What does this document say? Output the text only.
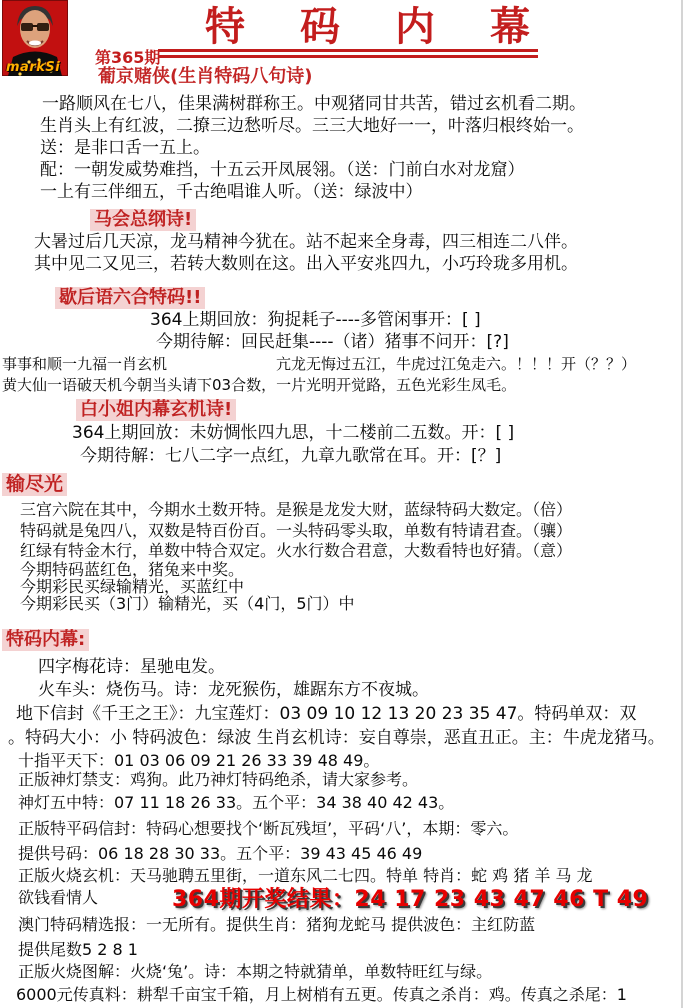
markSi
特码内幕
第365期
葡京赌侠(生肖特码八句诗)
一路顺风在七八，佳果满树群称王。中观猪同甘共苦，错过玄机看二期。
生肖头上有红波，二撩三边愁听尽。三三大地好一一，叶落归根终始一。
送：是非口舌一五上。
配：一朝发威势难挡，十五云开凤展翎。（送：门前白水对龙窟）
一上有三伴细五，千古绝唱谁人听。（送：绿波中）
马会总纲诗!
大暑过后几天凉，龙马精神今犹在。站不起来全身毒，四三相连二八伴。
其中见二又见三，若转大数则在这。出入平安兆四九，小巧玲珑多用机。
歇后语六合特码!!
364上期回放：狗捉耗子----多管闲事开：[ ]
今期待解：回民赶集----（诸）猪事不问开：[?]
事事和顺一九福一肖玄机	亢龙无悔过五江，牛虎过江兔走六。！！！开（？？）
黄大仙一语破天机今朝当头请下03合数，一片光明开觉路，五色光彩生凤毛。
白小姐内幕玄机诗!
364上期回放：未妨惆怅四九思，十二楼前二五数。开：[ ]
今期待解：七八二字一点红，九章九歌常在耳。开：[？]
输尽光
三宫六院在其中，今期水土数开特。是猴是龙发大财，蓝绿特码大数定。（倍）
特码就是兔四八，双数是特百份百。一头特码零头取，单数有特请君查。（骧）
红绿有特金木行，单数中特合双定。火水行数合君意，大数看特也好猜。（意）
今期特码蓝红色，猪兔来中奖。
今期彩民买绿输精光，买蓝红中
今期彩民买（3门）输精光，买（4门，5门）中
特码内幕:
四字梅花诗：星驰电发。
火车头：烧伤马。诗：龙死猴伤，雄踞东方不夜城。
地下信封《千王之王》：九宝莲灯：03 09 10 12 13 20 23 35 47。特码单双：双
。特码大小：小 特码波色：绿波 生肖玄机诗：妄自尊崇，恶直丑正。主：牛虎龙猪马。
十指平天下：01 03 06 09 21 26 33 39 48 49。
正版神灯禁支：鸡狗。此乃神灯特码绝杀，请大家参考。
神灯五中特：07 11 18 26 33。五个平：34 38 40 42 43。
正版特平码信封：特码心想要找个‘断瓦残垣’，平码‘八’，本期：零六。
提供号码：06 18 28 30 33。五个平：39 43 45 46 49
正版火烧玄机：天马驰聘五里街，一道东风二七四。特单 特肖：蛇 鸡 猪 羊 马 龙
欲钱看情人	364期开奖结果：24 17 23 43 47 46 T 49
澳门特码精选报：一无所有。提供生肖：猪狗龙蛇马 提供波色：主红防蓝
提供尾数5 2 8 1
正版火烧图解：火烧‘兔’。诗：本期之特就猜单，单数特旺红与绿。
6000元传真料：耕犁千亩宝千箱，月上树梢有五更。传真之杀肖：鸡。传真之杀尾：1
